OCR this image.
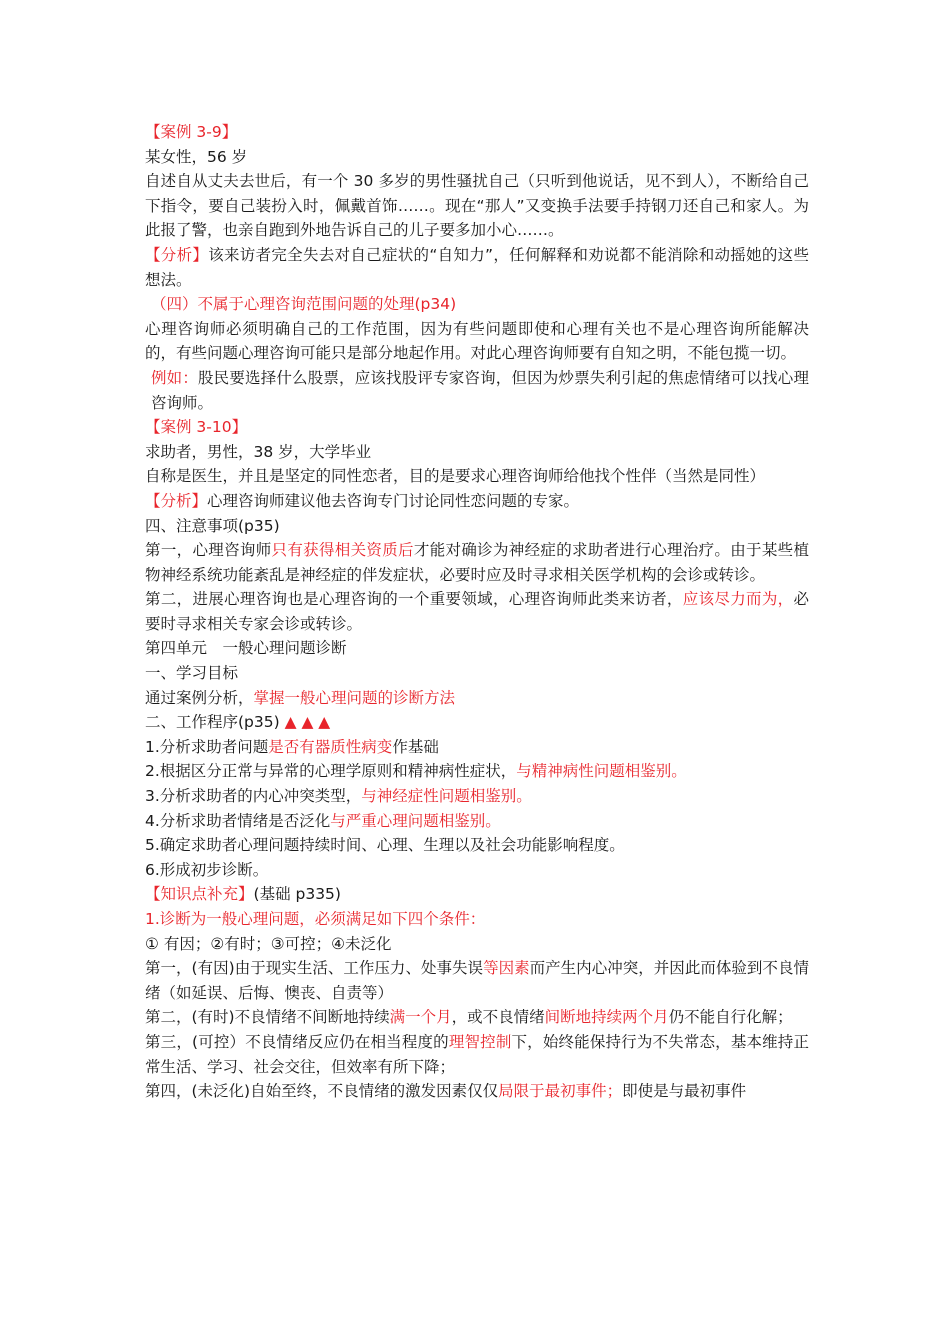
【案例 3-9】

某女性，56 岁

自述自从丈夫去世后，有一个 30 多岁的男性骚扰自己（只听到他说话，见不到人），不断给自己下指令，要自己装扮入时，佩戴首饰……。现在“那人”又变换手法要手持钢刀还自己和家人。为此报了警，也亲自跑到外地告诉自己的儿子要多加小心……。

【分析】该来访者完全失去对自己症状的“自知力”，任何解释和劝说都不能消除和动摇她的这些想法。

（四）不属于心理咨询范围问题的处理(p34)

心理咨询师必须明确自己的工作范围，因为有些问题即使和心理有关也不是心理咨询所能解决的，有些问题心理咨询可能只是部分地起作用。对此心理咨询师要有自知之明，不能包揽一切。

例如：股民要选择什么股票，应该找股评专家咨询，但因为炒票失利引起的焦虑情绪可以找心理咨询师。

【案例 3-10】

求助者，男性，38 岁，大学毕业

自称是医生，并且是坚定的同性恋者，目的是要求心理咨询师给他找个性伴（当然是同性）

【分析】心理咨询师建议他去咨询专门讨论同性恋问题的专家。

四、注意事项(p35)

第一，心理咨询师只有获得相关资质后才能对确诊为神经症的求助者进行心理治疗。由于某些植物神经系统功能紊乱是神经症的伴发症状，必要时应及时寻求相关医学机构的会诊或转诊。

第二，进展心理咨询也是心理咨询的一个重要领域，心理咨询师此类来访者，应该尽力而为，必要时寻求相关专家会诊或转诊。

第四单元　一般心理问题诊断

一、学习目标

通过案例分析，掌握一般心理问题的诊断方法

二、工作程序(p35) ▲ ▲ ▲

1.分析求助者问题是否有器质性病变作基础

2.根据区分正常与异常的心理学原则和精神病性症状，与精神病性问题相鉴别。

3.分析求助者的内心冲突类型，与神经症性问题相鉴别。

4.分析求助者情绪是否泛化与严重心理问题相鉴别。

5.确定求助者心理问题持续时间、心理、生理以及社会功能影响程度。

6.形成初步诊断。

【知识点补充】(基础 p335)

1.诊断为一般心理问题，必须满足如下四个条件：

① 有因；②有时；③可控；④未泛化

第一，(有因)由于现实生活、工作压力、处事失误等因素而产生内心冲突，并因此而体验到不良情绪（如延误、后悔、懊丧、自责等）

第二，(有时)不良情绪不间断地持续满一个月，或不良情绪间断地持续两个月仍不能自行化解；

第三，(可控）不良情绪反应仍在相当程度的理智控制下，始终能保持行为不失常态，基本维持正常生活、学习、社会交往，但效率有所下降；

第四，(未泛化)自始至终，不良情绪的激发因素仅仅局限于最初事件；即使是与最初事件
